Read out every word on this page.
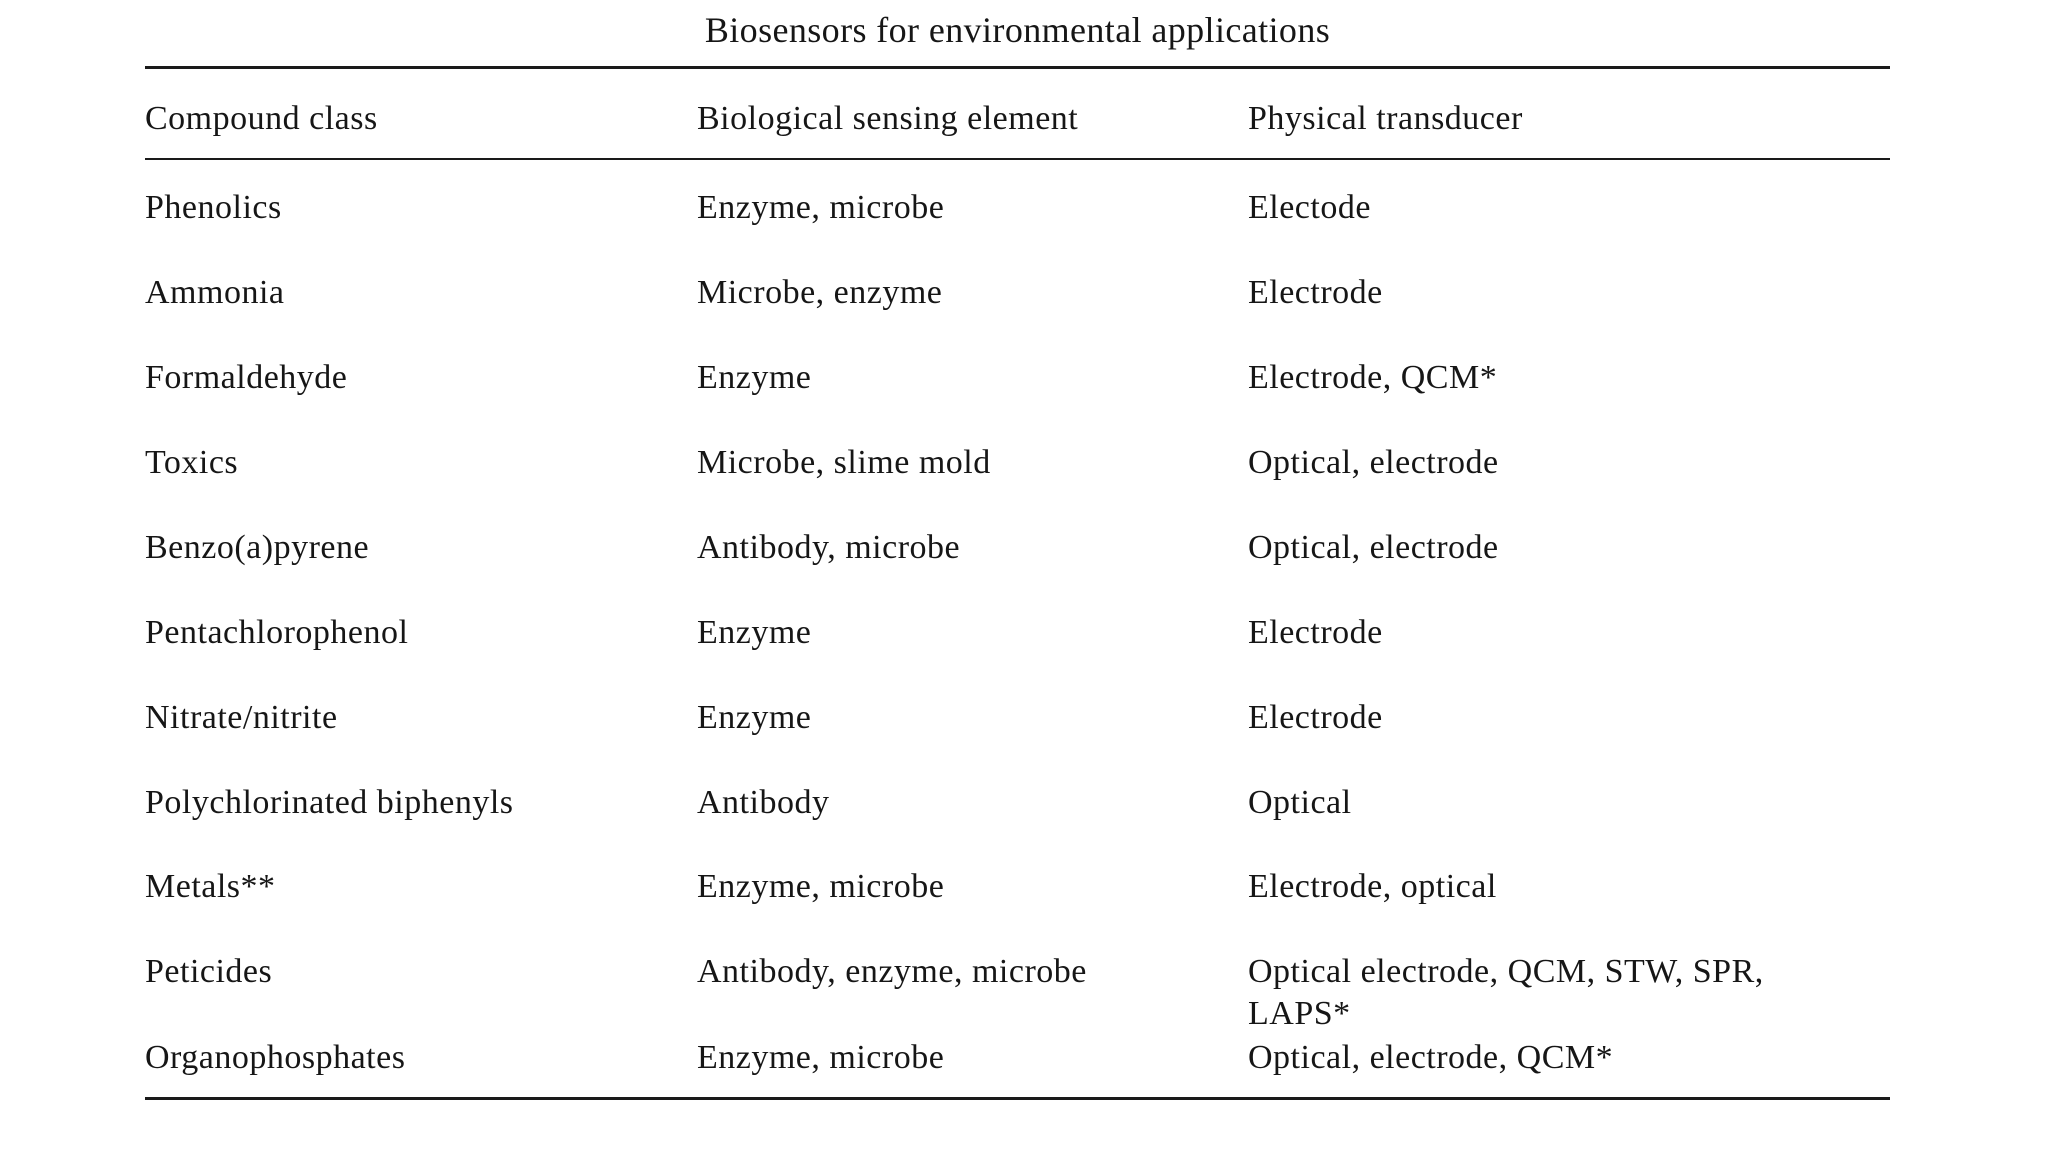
Biosensors for environmental applications
Compound class	Biological sensing element	Physical transducer
Phenolics	Enzyme, microbe	Electode
Ammonia	Microbe, enzyme	Electrode
Formaldehyde	Enzyme	Electrode, QCM*
Toxics	Microbe, slime mold	Optical, electrode
Benzo(a)pyrene	Antibody, microbe	Optical, electrode
Pentachlorophenol	Enzyme	Electrode
Nitrate/nitrite	Enzyme	Electrode
Polychlorinated biphenyls	Antibody	Optical
Metals**	Enzyme, microbe	Electrode, optical
Peticides	Antibody, enzyme, microbe	Optical electrode, QCM, STW, SPR, LAPS*
Organophosphates	Enzyme, microbe	Optical, electrode, QCM*
